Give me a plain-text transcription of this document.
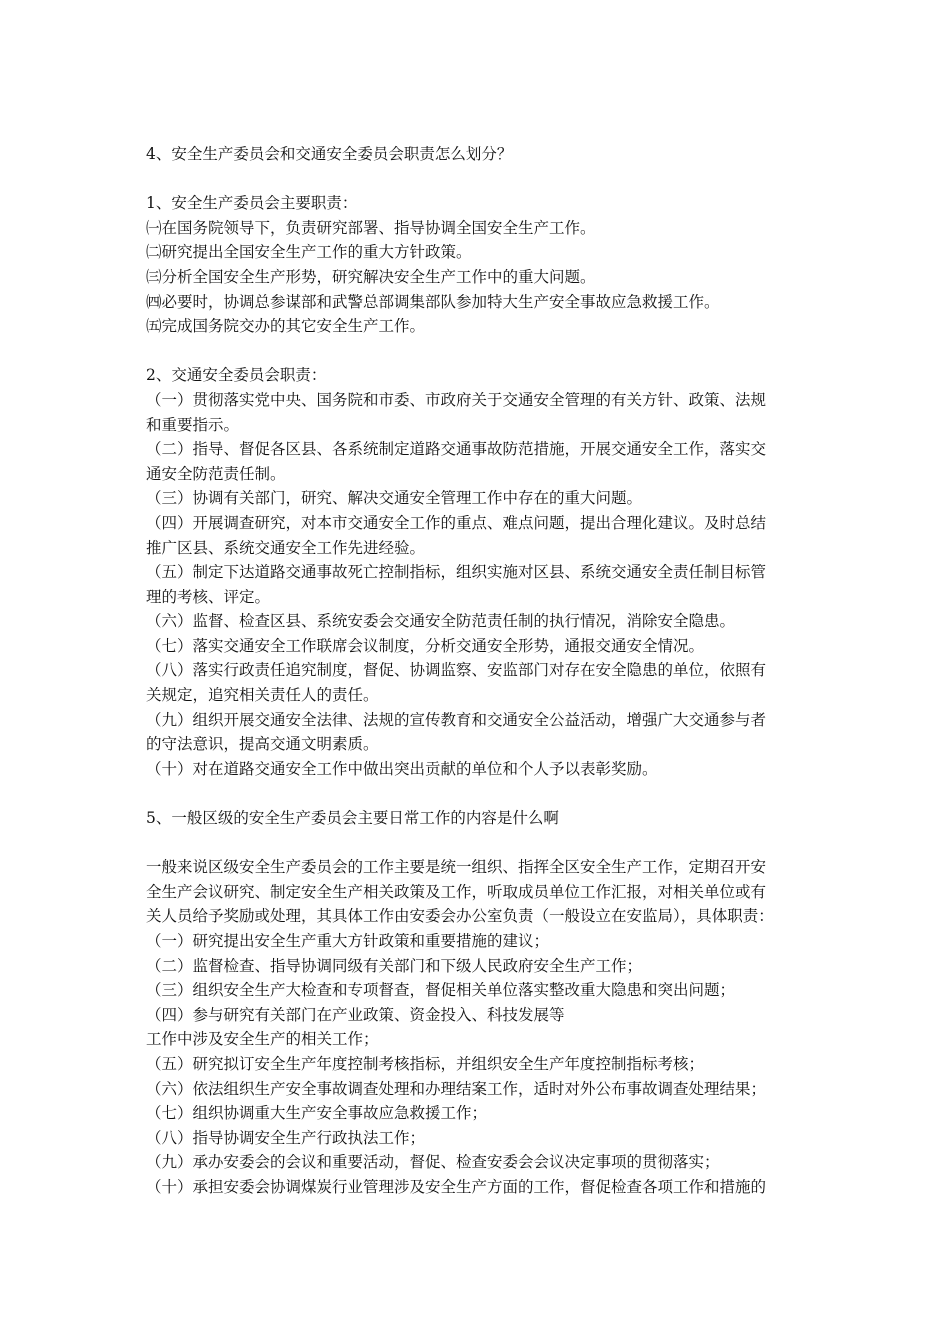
4、安全生产委员会和交通安全委员会职责怎么划分？
1、安全生产委员会主要职责：
㈠在国务院领导下，负责研究部署、指导协调全国安全生产工作。
㈡研究提出全国安全生产工作的重大方针政策。
㈢分析全国安全生产形势，研究解决安全生产工作中的重大问题。
㈣必要时，协调总参谋部和武警总部调集部队参加特大生产安全事故应急救援工作。
㈤完成国务院交办的其它安全生产工作。
2、交通安全委员会职责：
（一）贯彻落实党中央、国务院和市委、市政府关于交通安全管理的有关方针、政策、法规
和重要指示。
（二）指导、督促各区县、各系统制定道路交通事故防范措施，开展交通安全工作，落实交
通安全防范责任制。
（三）协调有关部门，研究、解决交通安全管理工作中存在的重大问题。
（四）开展调查研究，对本市交通安全工作的重点、难点问题，提出合理化建议。及时总结
推广区县、系统交通安全工作先进经验。
（五）制定下达道路交通事故死亡控制指标，组织实施对区县、系统交通安全责任制目标管
理的考核、评定。
（六）监督、检查区县、系统安委会交通安全防范责任制的执行情况，消除安全隐患。
（七）落实交通安全工作联席会议制度，分析交通安全形势，通报交通安全情况。
（八）落实行政责任追究制度，督促、协调监察、安监部门对存在安全隐患的单位，依照有
关规定，追究相关责任人的责任。
（九）组织开展交通安全法律、法规的宣传教育和交通安全公益活动，增强广大交通参与者
的守法意识，提高交通文明素质。
（十）对在道路交通安全工作中做出突出贡献的单位和个人予以表彰奖励。
5、一般区级的安全生产委员会主要日常工作的内容是什么啊
一般来说区级安全生产委员会的工作主要是统一组织、指挥全区安全生产工作，定期召开安
全生产会议研究、制定安全生产相关政策及工作，听取成员单位工作汇报，对相关单位或有
关人员给予奖励或处理，其具体工作由安委会办公室负责（一般设立在安监局），具体职责：
（一）研究提出安全生产重大方针政策和重要措施的建议；
（二）监督检查、指导协调同级有关部门和下级人民政府安全生产工作；
（三）组织安全生产大检查和专项督查，督促相关单位落实整改重大隐患和突出问题；
（四）参与研究有关部门在产业政策、资金投入、科技发展等
工作中涉及安全生产的相关工作；
（五）研究拟订安全生产年度控制考核指标，并组织安全生产年度控制指标考核；
（六）依法组织生产安全事故调查处理和办理结案工作，适时对外公布事故调查处理结果；
（七）组织协调重大生产安全事故应急救援工作；
（八）指导协调安全生产行政执法工作；
（九）承办安委会的会议和重要活动，督促、检查安委会会议决定事项的贯彻落实；
（十）承担安委会协调煤炭行业管理涉及安全生产方面的工作，督促检查各项工作和措施的
